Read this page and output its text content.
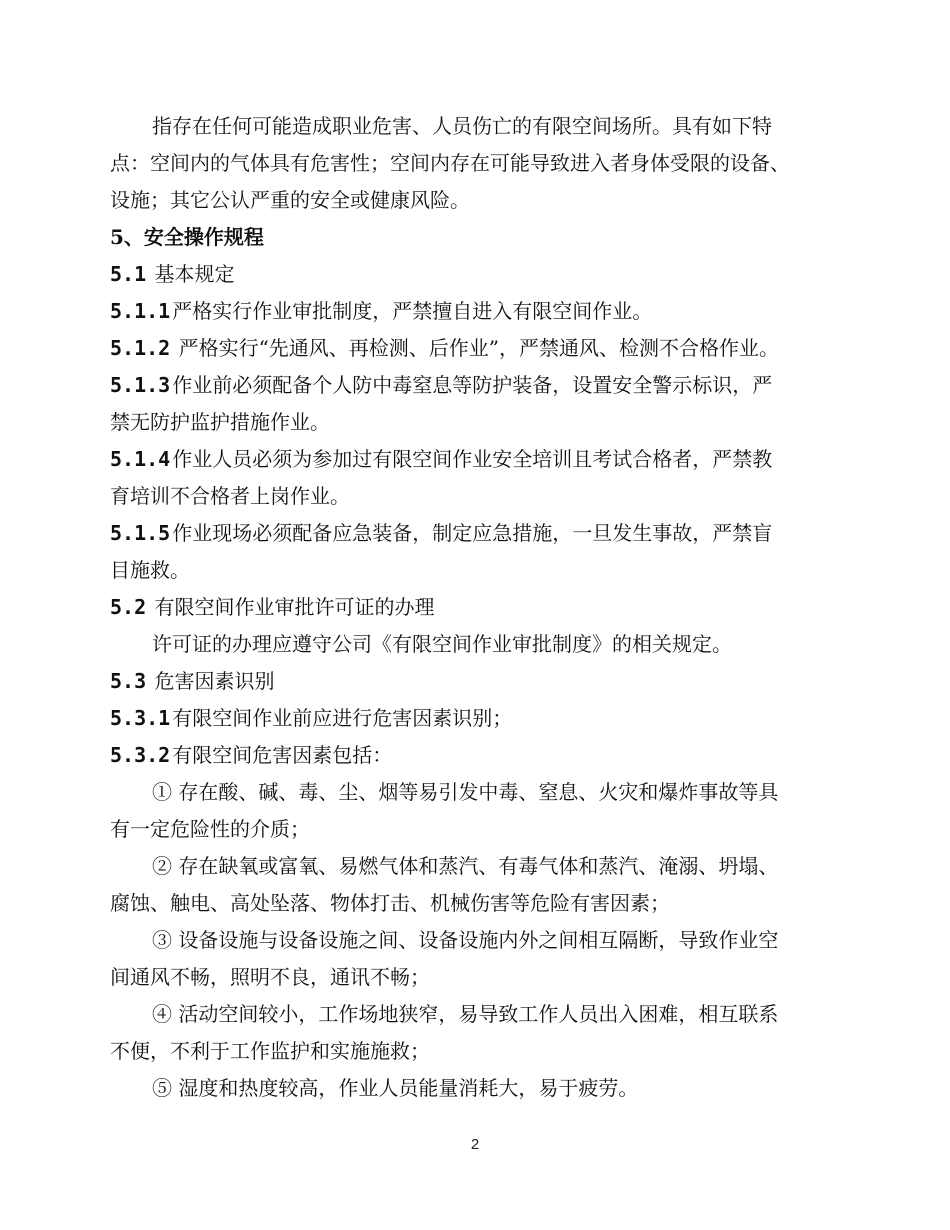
指存在任何可能造成职业危害、人员伤亡的有限空间场所。具有如下特
点：空间内的气体具有危害性；空间内存在可能导致进入者身体受限的设备、
设施；其它公认严重的安全或健康风险。
5、安全操作规程
5.1 基本规定
5.1.1 严格实行作业审批制度，严禁擅自进入有限空间作业。
5.1.2 严格实行“先通风、再检测、后作业”，严禁通风、检测不合格作业。
5.1.3 作业前必须配备个人防中毒窒息等防护装备，设置安全警示标识，严
禁无防护监护措施作业。
5.1.4 作业人员必须为参加过有限空间作业安全培训且考试合格者，严禁教
育培训不合格者上岗作业。
5.1.5 作业现场必须配备应急装备，制定应急措施，一旦发生事故，严禁盲
目施救。
5.2 有限空间作业审批许可证的办理
许可证的办理应遵守公司《有限空间作业审批制度》的相关规定。
5.3 危害因素识别
5.3.1 有限空间作业前应进行危害因素识别；
5.3.2 有限空间危害因素包括：
① 存在酸、碱、毒、尘、烟等易引发中毒、窒息、火灾和爆炸事故等具
有一定危险性的介质；
② 存在缺氧或富氧、易燃气体和蒸汽、有毒气体和蒸汽、淹溺、坍塌、
腐蚀、触电、高处坠落、物体打击、机械伤害等危险有害因素；
③ 设备设施与设备设施之间、设备设施内外之间相互隔断，导致作业空
间通风不畅，照明不良，通讯不畅；
④ 活动空间较小，工作场地狭窄，易导致工作人员出入困难，相互联系
不便，不利于工作监护和实施施救；
⑤ 湿度和热度较高，作业人员能量消耗大，易于疲劳。
2
